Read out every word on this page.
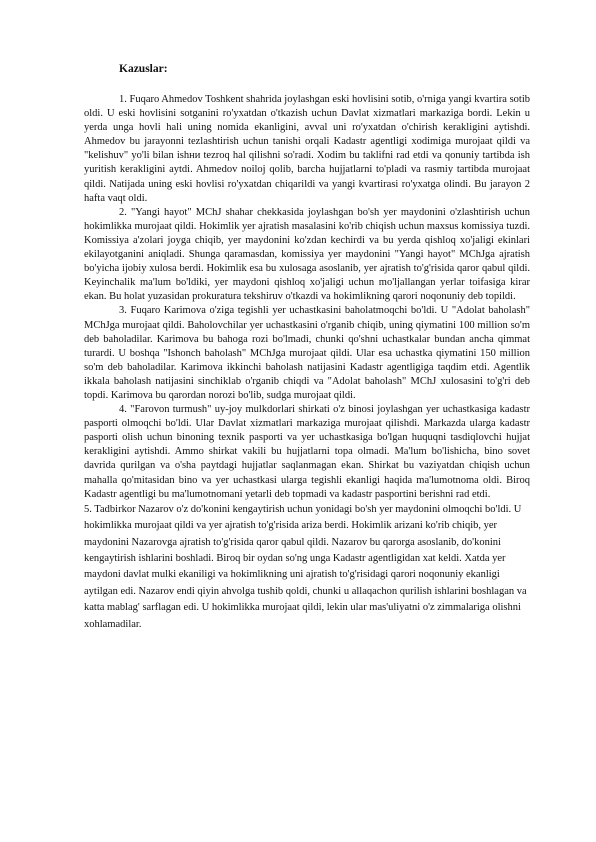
Kazuslar:

1. Fuqaro Ahmedov Toshkent shahrida joylashgan eski hovlisini sotib, o'rniga yangi kvartira sotib oldi. U eski hovlisini sotganini ro'yxatdan o'tkazish uchun Davlat xizmatlari markaziga bordi. Lekin u yerda unga hovli hali uning nomida ekanligini, avval uni ro'yxatdan o'chirish kerakligini aytishdi. Ahmedov bu jarayonni tezlashtirish uchun tanishi orqali Kadastr agentligi xodimiga murojaat qildi va "kelishuv" yo'li bilan ishни tezroq hal qilishni so'radi. Xodim bu taklifni rad etdi va qonuniy tartibda ish yuritish kerakligini aytdi. Ahmedov noiloj qolib, barcha hujjatlarni to'pladi va rasmiy tartibda murojaat qildi. Natijada uning eski hovlisi ro'yxatdan chiqarildi va yangi kvartirasi ro'yxatga olindi. Bu jarayon 2 hafta vaqt oldi.

2. "Yangi hayot" MChJ shahar chekkasida joylashgan bo'sh yer maydonini o'zlashtirish uchun hokimlikka murojaat qildi. Hokimlik yer ajratish masalasini ko'rib chiqish uchun maxsus komissiya tuzdi. Komissiya a'zolari joyga chiqib, yer maydonini ko'zdan kechirdi va bu yerda qishloq xo'jaligi ekinlari ekilayotganini aniqladi. Shunga qaramasdan, komissiya yer maydonini "Yangi hayot" MChJga ajratish bo'yicha ijobiy xulosa berdi. Hokimlik esa bu xulosaga asoslanib, yer ajratish to'g'risida qaror qabul qildi. Keyinchalik ma'lum bo'ldiki, yer maydoni qishloq xo'jaligi uchun mo'ljallangan yerlar toifasiga kirar ekan. Bu holat yuzasidan prokuratura tekshiruv o'tkazdi va hokimlikning qarori noqonuniy deb topildi.

3. Fuqaro Karimova o'ziga tegishli yer uchastkasini baholatmoqchi bo'ldi. U "Adolat baholash" MChJga murojaat qildi. Baholovchilar yer uchastkasini o'rganib chiqib, uning qiymatini 100 million so'm deb baholadilar. Karimova bu bahoga rozi bo'lmadi, chunki qo'shni uchastkalar bundan ancha qimmat turardi. U boshqa "Ishonch baholash" MChJga murojaat qildi. Ular esa uchastka qiymatini 150 million so'm deb baholadilar. Karimova ikkinchi baholash natijasini Kadastr agentligiga taqdim etdi. Agentlik ikkala baholash natijasini sinchiklab o'rganib chiqdi va "Adolat baholash" MChJ xulosasini to'g'ri deb topdi. Karimova bu qarordan norozi bo'lib, sudga murojaat qildi.

4. "Farovon turmush" uy-joy mulkdorlari shirkati o'z binosi joylashgan yer uchastkasiga kadastr pasporti olmoqchi bo'ldi. Ular Davlat xizmatlari markaziga murojaat qilishdi. Markazda ularga kadastr pasporti olish uchun binoning texnik pasporti va yer uchastkasiga bo'lgan huquqni tasdiqlovchi hujjat kerakligini aytishdi. Ammo shirkat vakili bu hujjatlarni topa olmadi. Ma'lum bo'lishicha, bino sovet davrida qurilgan va o'sha paytdagi hujjatlar saqlanmagan ekan. Shirkat bu vaziyatdan chiqish uchun mahalla qo'mitasidan bino va yer uchastkasi ularga tegishli ekanligi haqida ma'lumotnoma oldi. Biroq Kadastr agentligi bu ma'lumotnomani yetarli deb topmadi va kadastr pasportini berishni rad etdi.

5. Tadbirkor Nazarov o'z do'konini kengaytirish uchun yonidagi bo'sh yer maydonini olmoqchi bo'ldi. U hokimlikka murojaat qildi va yer ajratish to'g'risida ariza berdi. Hokimlik arizani ko'rib chiqib, yer maydonini Nazarovga ajratish to'g'risida qaror qabul qildi. Nazarov bu qarorga asoslanib, do'konini kengaytirish ishlarini boshladi. Biroq bir oydan so'ng unga Kadastr agentligidan xat keldi. Xatda yer maydoni davlat mulki ekaniligi va hokimlikning uni ajratish to'g'risidagi qarori noqonuniy ekanligi aytilgan edi. Nazarov endi qiyin ahvolga tushib qoldi, chunki u allaqachon qurilish ishlarini boshlagan va katta mablag' sarflagan edi. U hokimlikka murojaat qildi, lekin ular mas'uliyatni o'z zimmalariga olishni xohlamadilar.
